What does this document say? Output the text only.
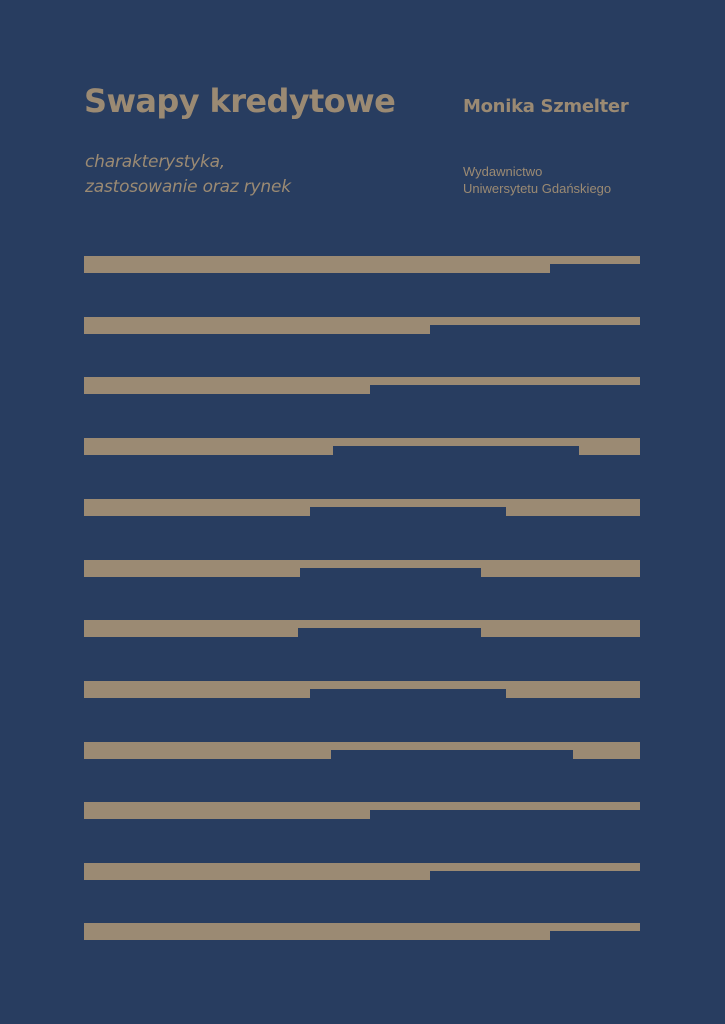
Swapy kredytowe	Monika Szmelter
charakterystyka,
zastosowanie oraz rynek
Wydawnictwo
Uniwersytetu Gdańskiego
